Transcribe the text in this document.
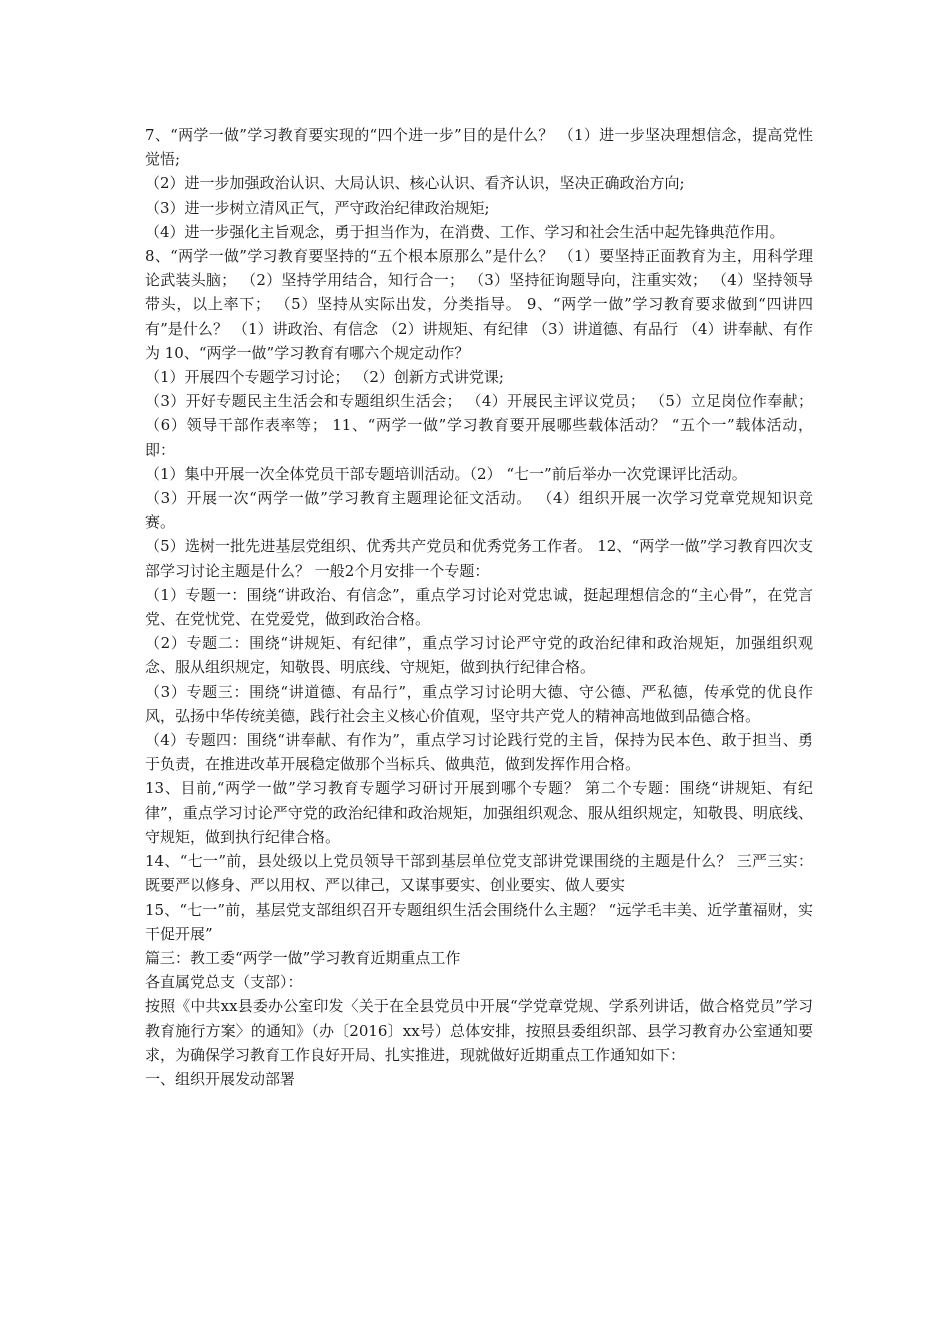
7、“两学一做”学习教育要实现的“四个进一步”目的是什么？ （1）进一步坚决理想信念，提高党性觉悟;

（2）进一步加强政治认识、大局认识、核心认识、看齐认识，坚决正确政治方向;

（3）进一步树立清风正气，严守政治纪律政治规矩;

（4）进一步强化主旨观念，勇于担当作为，在消费、工作、学习和社会生活中起先锋典范作用。

8、“两学一做”学习教育要坚持的“五个根本原那么”是什么？ （1）要坚持正面教育为主，用科学理论武装头脑； （2）坚持学用结合，知行合一； （3）坚持征询题导向，注重实效； （4）坚持领导带头，以上率下； （5）坚持从实际出发，分类指导。 9、“两学一做”学习教育要求做到“四讲四有”是什么？ （1）讲政治、有信念 （2）讲规矩、有纪律 （3）讲道德、有品行 （4）讲奉献、有作为 10、“两学一做”学习教育有哪六个规定动作？

（1）开展四个专题学习讨论； （2）创新方式讲党课;

（3）开好专题民主生活会和专题组织生活会； （4）开展民主评议党员； （5）立足岗位作奉献； （6）领导干部作表率等； 11、“两学一做”学习教育要开展哪些载体活动？ “五个一”载体活动，即：

（1）集中开展一次全体党员干部专题培训活动。（2） “七一”前后举办一次党课评比活动。

（3）开展一次“两学一做”学习教育主题理论征文活动。 （4）组织开展一次学习党章党规知识竞赛。

（5）选树一批先进基层党组织、优秀共产党员和优秀党务工作者。 12、“两学一做”学习教育四次支部学习讨论主题是什么？ 一般2个月安排一个专题：

（1）专题一：围绕“讲政治、有信念”，重点学习讨论对党忠诚，挺起理想信念的“主心骨”，在党言党、在党忧党、在党爱党，做到政治合格。

（2）专题二：围绕“讲规矩、有纪律”，重点学习讨论严守党的政治纪律和政治规矩，加强组织观念、服从组织规定，知敬畏、明底线、守规矩，做到执行纪律合格。

（3）专题三：围绕“讲道德、有品行”，重点学习讨论明大德、守公德、严私德，传承党的优良作风，弘扬中华传统美德，践行社会主义核心价值观，坚守共产党人的精神高地做到品德合格。

（4）专题四：围绕“讲奉献、有作为”，重点学习讨论践行党的主旨，保持为民本色、敢于担当、勇于负责，在推进改革开展稳定做那个当标兵、做典范，做到发挥作用合格。

13、目前,“两学一做”学习教育专题学习研讨开展到哪个专题？ 第二个专题：围绕“讲规矩、有纪律”，重点学习讨论严守党的政治纪律和政治规矩，加强组织观念、服从组织规定，知敬畏、明底线、守规矩，做到执行纪律合格。

14、“七一”前，县处级以上党员领导干部到基层单位党支部讲党课围绕的主题是什么？ 三严三实：既要严以修身、严以用权、严以律己，又谋事要实、创业要实、做人要实

15、“七一”前，基层党支部组织召开专题组织生活会围绕什么主题？ “远学毛丰美、近学董福财，实干促开展”

篇三：教工委“两学一做”学习教育近期重点工作

各直属党总支（支部）：

按照《中共xx县委办公室印发〈关于在全县党员中开展“学党章党规、学系列讲话，做合格党员”学习教育施行方案〉的通知》（办〔2016〕xx号）总体安排，按照县委组织部、县学习教育办公室通知要求，为确保学习教育工作良好开局、扎实推进，现就做好近期重点工作通知如下：

一、组织开展发动部署
